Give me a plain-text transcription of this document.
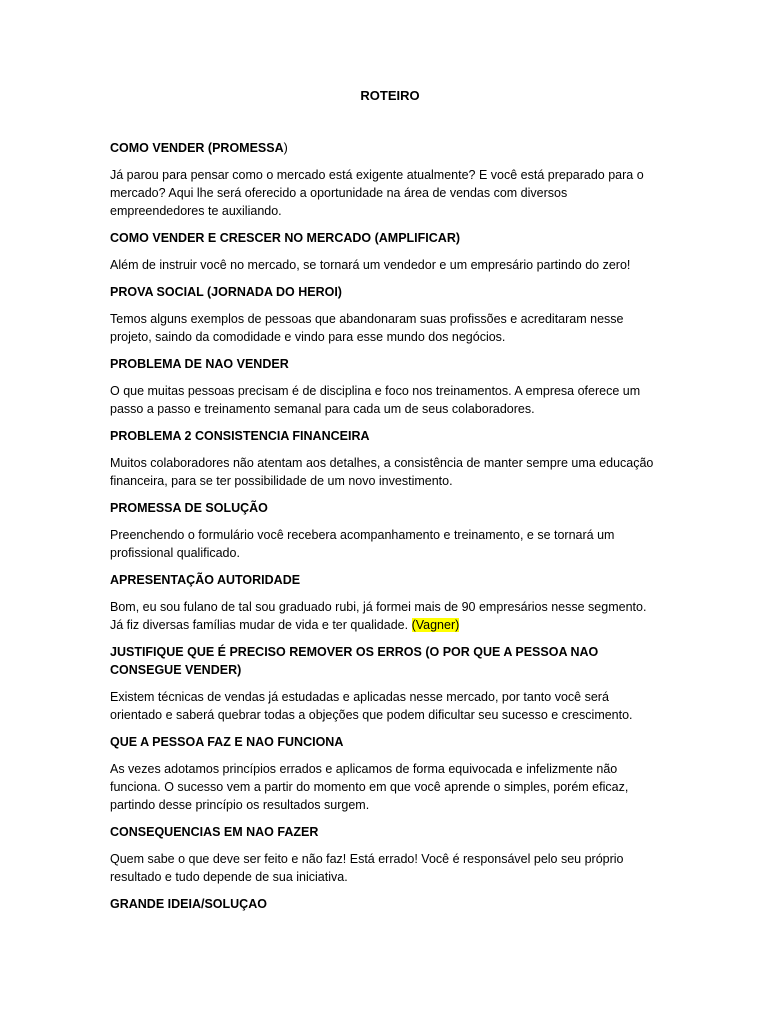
ROTEIRO
COMO VENDER (PROMESSA)
Já parou para pensar como o mercado está exigente atualmente? E você está preparado para o mercado? Aqui lhe será oferecido a oportunidade na área de vendas com diversos empreendedores te auxiliando.
COMO VENDER E CRESCER NO MERCADO (AMPLIFICAR)
Além de instruir você no mercado, se tornará um vendedor e um empresário partindo do zero!
PROVA SOCIAL (JORNADA DO HEROI)
Temos alguns exemplos de pessoas que abandonaram suas profissões e acreditaram nesse projeto, saindo da comodidade e vindo para esse mundo dos negócios.
PROBLEMA DE NAO VENDER
O que muitas pessoas precisam é de disciplina e foco nos treinamentos. A empresa oferece um passo a passo e treinamento semanal para cada um de seus colaboradores.
PROBLEMA 2 CONSISTENCIA FINANCEIRA
Muitos colaboradores não atentam aos detalhes, a consistência de manter sempre uma educação financeira, para se ter possibilidade de um novo investimento.
PROMESSA DE SOLUÇÃO
Preenchendo o formulário você recebera acompanhamento e treinamento, e se tornará um profissional qualificado.
APRESENTAÇÃO AUTORIDADE
Bom, eu sou fulano de tal sou graduado rubi, já formei mais de 90 empresários nesse segmento. Já fiz diversas famílias mudar de vida e ter qualidade. (Vagner)
JUSTIFIQUE QUE É PRECISO REMOVER OS ERROS (O POR QUE A PESSOA NAO CONSEGUE VENDER)
Existem técnicas de vendas já estudadas e aplicadas nesse mercado, por tanto você será orientado e saberá quebrar todas a objeções que podem dificultar seu sucesso e crescimento.
QUE A PESSOA FAZ E NAO FUNCIONA
As vezes adotamos princípios errados e aplicamos de forma equivocada e infelizmente não funciona. O sucesso vem a partir do momento em que você aprende o simples, porém eficaz, partindo desse princípio os resultados surgem.
CONSEQUENCIAS EM NAO FAZER
Quem sabe o que deve ser feito e não faz! Está errado! Você é responsável pelo seu próprio resultado e tudo depende de sua iniciativa.
GRANDE IDEIA/SOLUÇAO
